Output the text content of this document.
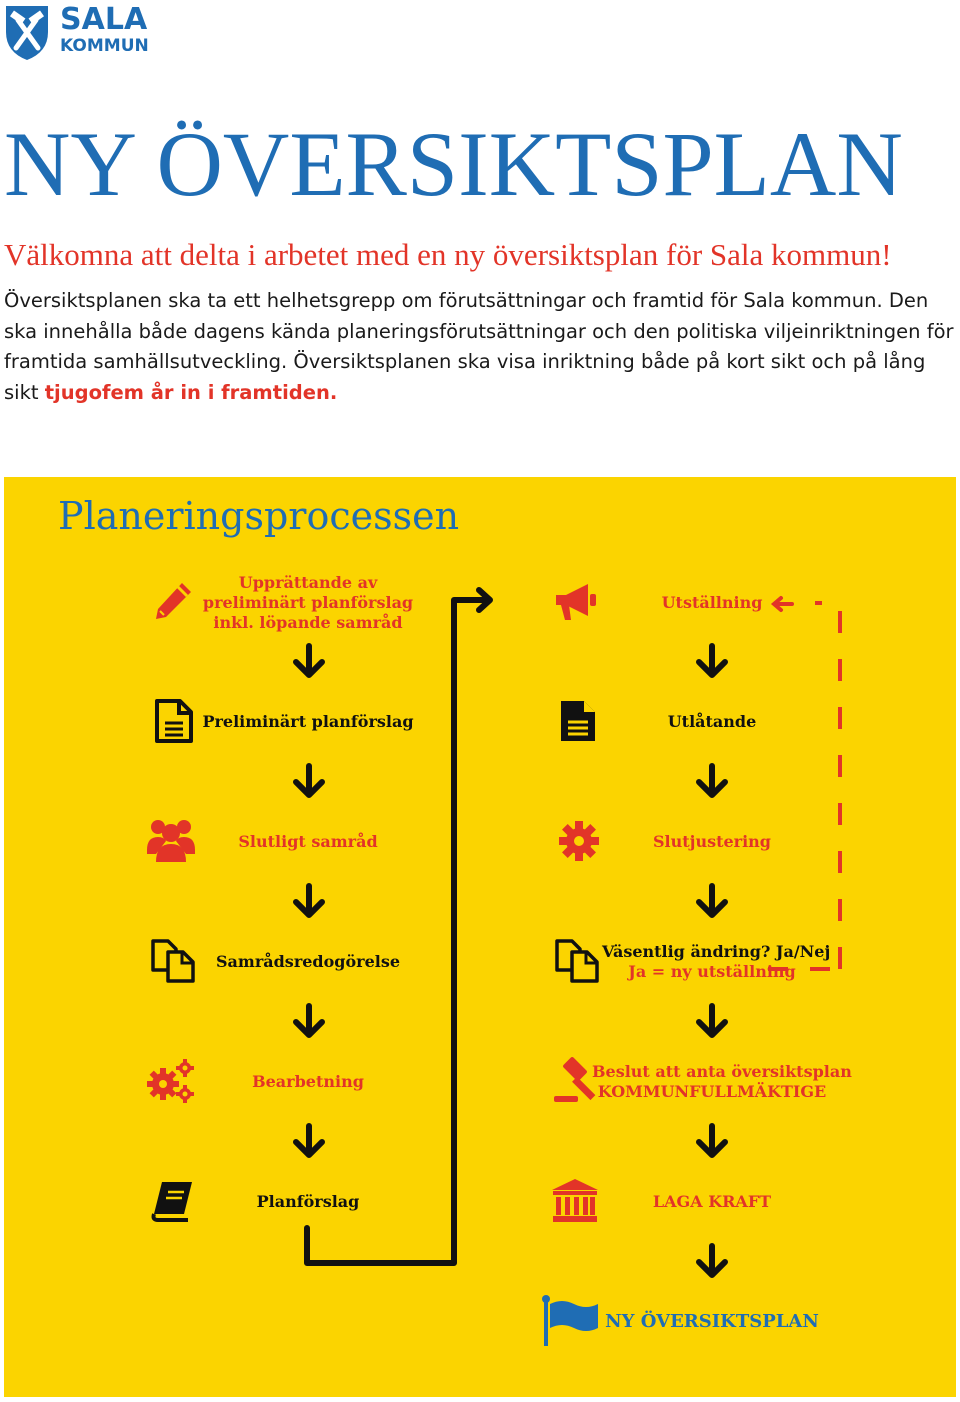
SALA
KOMMUN
NY ÖVERSIKTSPLAN
Välkomna att delta i arbetet med en ny översiktsplan för Sala kommun!
Översiktsplanen ska ta ett helhetsgrepp om förutsättningar och framtid för Sala kommun. Den ska innehålla både dagens kända planeringsförutsättningar och den politiska viljeinriktningen för framtida samhällsutveckling. Översiktsplanen ska visa inriktning både på kort sikt och på lång sikt tjugofem år in i framtiden.
Planeringsprocessen
Upprättande av
preliminärt planförslag
inkl. löpande samråd
Preliminärt planförslag
Slutligt samråd
Samrådsredogörelse
Bearbetning
Planförslag
Utställning
Utlåtande
Slutjustering
Väsentlig ändring? Ja/Nej
Ja = ny utställning
Beslut att anta översiktsplan
KOMMUNFULLMÄKTIGE
LAGA KRAFT
NY ÖVERSIKTSPLAN
